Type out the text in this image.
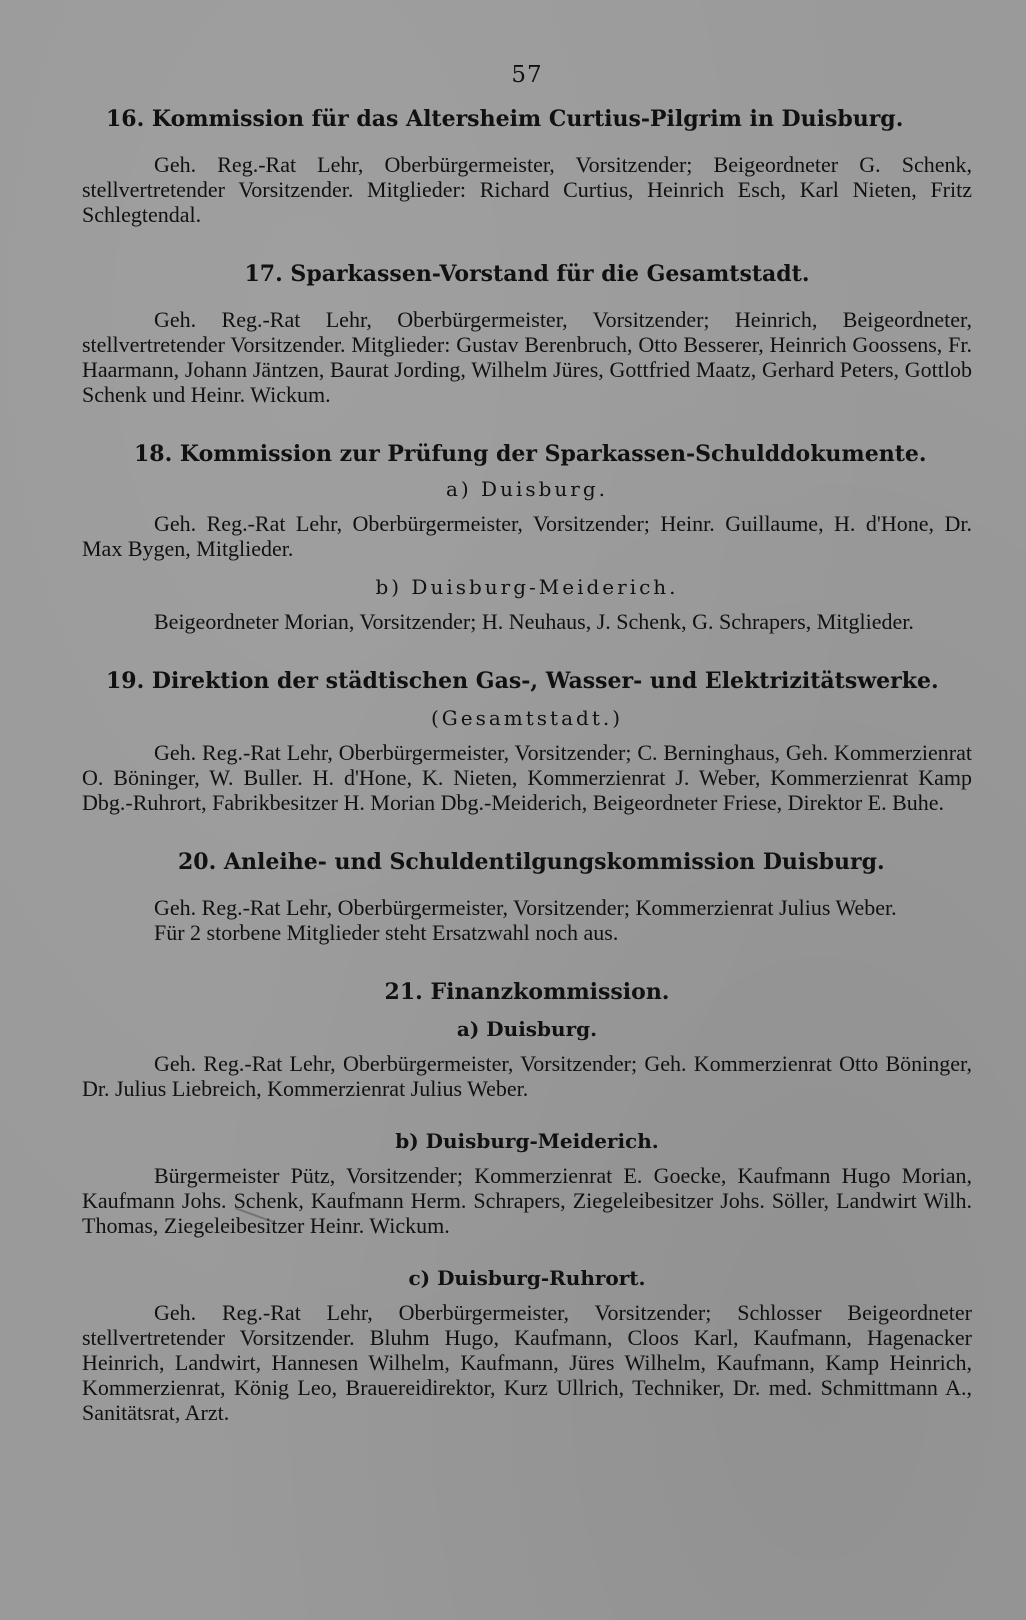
57
16. Kommission für das Altersheim Curtius-Pilgrim in Duisburg.

Geh. Reg.-Rat Lehr, Oberbürgermeister, Vorsitzender; Beigeordneter G. Schenk, stellvertretender Vorsitzender. Mitglieder: Richard Curtius, Heinrich Esch, Karl Nieten, Fritz Schlegtendal.

17. Sparkassen-Vorstand für die Gesamtstadt.

Geh. Reg.-Rat Lehr, Oberbürgermeister, Vorsitzender; Heinrich, Beigeordneter, stellvertretender Vorsitzender. Mitglieder: Gustav Berenbruch, Otto Besserer, Heinrich Goossens, Fr. Haarmann, Johann Jäntzen, Baurat Jording, Wilhelm Jüres, Gottfried Maatz, Gerhard Peters, Gottlob Schenk und Heinr. Wickum.

18. Kommission zur Prüfung der Sparkassen-Schulddokumente.
a) Duisburg.

Geh. Reg.-Rat Lehr, Oberbürgermeister, Vorsitzender; Heinr. Guillaume, H. d'Hone, Dr. Max Bygen, Mitglieder.

b) Duisburg-Meiderich.

Beigeordneter Morian, Vorsitzender; H. Neuhaus, J. Schenk, G. Schrapers, Mitglieder.

19. Direktion der städtischen Gas-, Wasser- und Elektrizitätswerke.
(Gesamtstadt.)

Geh. Reg.-Rat Lehr, Oberbürgermeister, Vorsitzender; C. Berninghaus, Geh. Kommerzienrat O. Böninger, W. Buller. H. d'Hone, K. Nieten, Kommerzienrat J. Weber, Kommerzienrat Kamp Dbg.-Ruhrort, Fabrikbesitzer H. Morian Dbg.-Meiderich, Beigeordneter Friese, Direktor E. Buhe.

20. Anleihe- und Schuldentilgungskommission Duisburg.

Geh. Reg.-Rat Lehr, Oberbürgermeister, Vorsitzender; Kommerzienrat Julius Weber.

Für 2 storbene Mitglieder steht Ersatzwahl noch aus.

21. Finanzkommission.
a) Duisburg.

Geh. Reg.-Rat Lehr, Oberbürgermeister, Vorsitzender; Geh. Kommerzienrat Otto Böninger, Dr. Julius Liebreich, Kommerzienrat Julius Weber.

b) Duisburg-Meiderich.

Bürgermeister Pütz, Vorsitzender; Kommerzienrat E. Goecke, Kaufmann Hugo Morian, Kaufmann Johs. Schenk, Kaufmann Herm. Schrapers, Ziegeleibesitzer Johs. Söller, Landwirt Wilh. Thomas, Ziegeleibesitzer Heinr. Wickum.

c) Duisburg-Ruhrort.

Geh. Reg.-Rat Lehr, Oberbürgermeister, Vorsitzender; Schlosser Beigeordneter stellvertretender Vorsitzender. Bluhm Hugo, Kaufmann, Cloos Karl, Kaufmann, Hagenacker Heinrich, Landwirt, Hannesen Wilhelm, Kaufmann, Jüres Wilhelm, Kaufmann, Kamp Heinrich, Kommerzienrat, König Leo, Brauereidirektor, Kurz Ullrich, Techniker, Dr. med. Schmittmann A., Sanitätsrat, Arzt.
